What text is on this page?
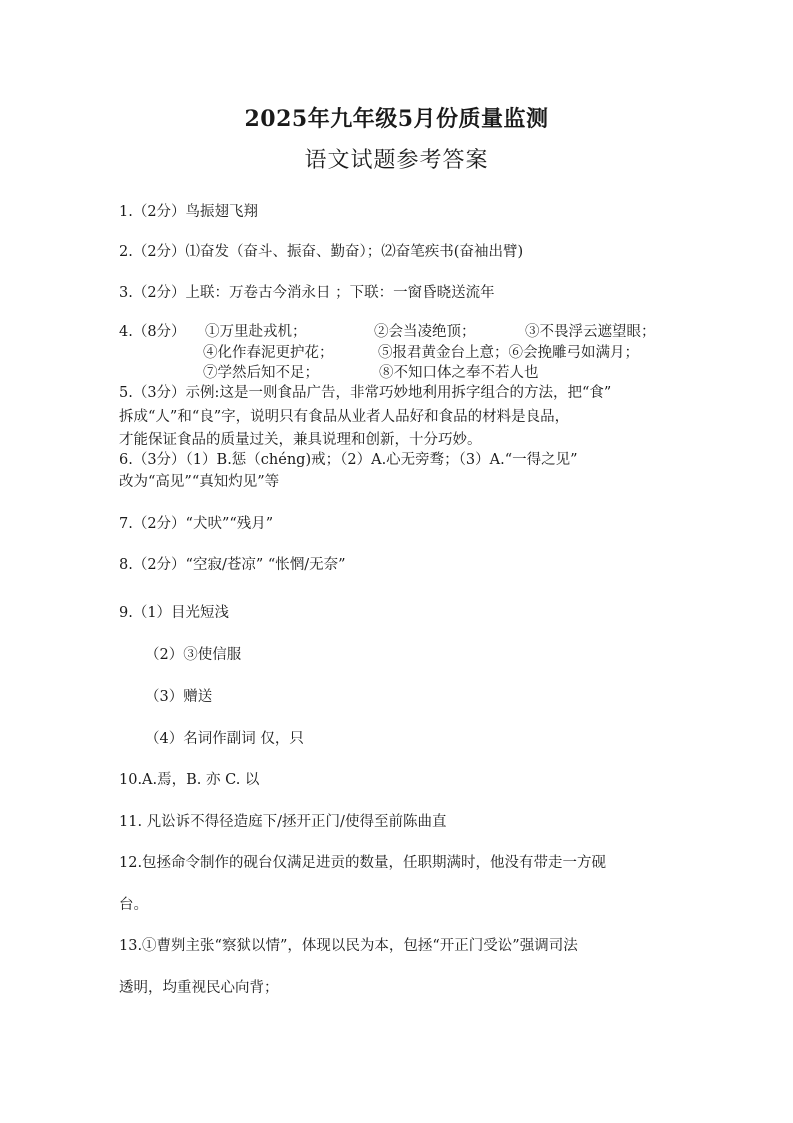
2025年九年级5月份质量监测
语文试题参考答案
1.（2分）鸟振翅飞翔
2.（2分）⑴奋发（奋斗、振奋、勤奋）；⑵奋笔疾书(奋袖出臂)
3.（2分）上联：万卷古今消永日 ；下联：一窗昏晓送流年
4.（8分） ①万里赴戎机；	②会当凌绝顶；	③不畏浮云遮望眼；
④化作春泥更护花；	⑤报君黄金台上意；⑥会挽雕弓如满月；
⑦学然后知不足；	⑧不知口体之奉不若人也
5.（3分）示例:这是一则食品广告，非常巧妙地利用拆字组合的方法，把“食”
拆成“人”和“良”字，说明只有食品从业者人品好和食品的材料是良品，
才能保证食品的质量过关，兼具说理和创新，十分巧妙。
6.（3分）（1）B.惩（chéng)戒；（2）A.心无旁骛；（3）A.“一得之见”
改为“高见”“真知灼见”等
7.（2分）“犬吠”“残月”
8.（2分）“空寂/苍凉” “怅惘/无奈”
9.（1）目光短浅
（2）③使信服
（3）赠送
（4）名词作副词 仅，只
10.A.焉，B. 亦 C. 以
11. 凡讼诉不得径造庭下/拯开正门/使得至前陈曲直
12.包拯命令制作的砚台仅满足进贡的数量，任职期满时，他没有带走一方砚
台。
13.①曹刿主张“察狱以情”，体现以民为本，包拯“开正门受讼”强调司法
透明，均重视民心向背；
